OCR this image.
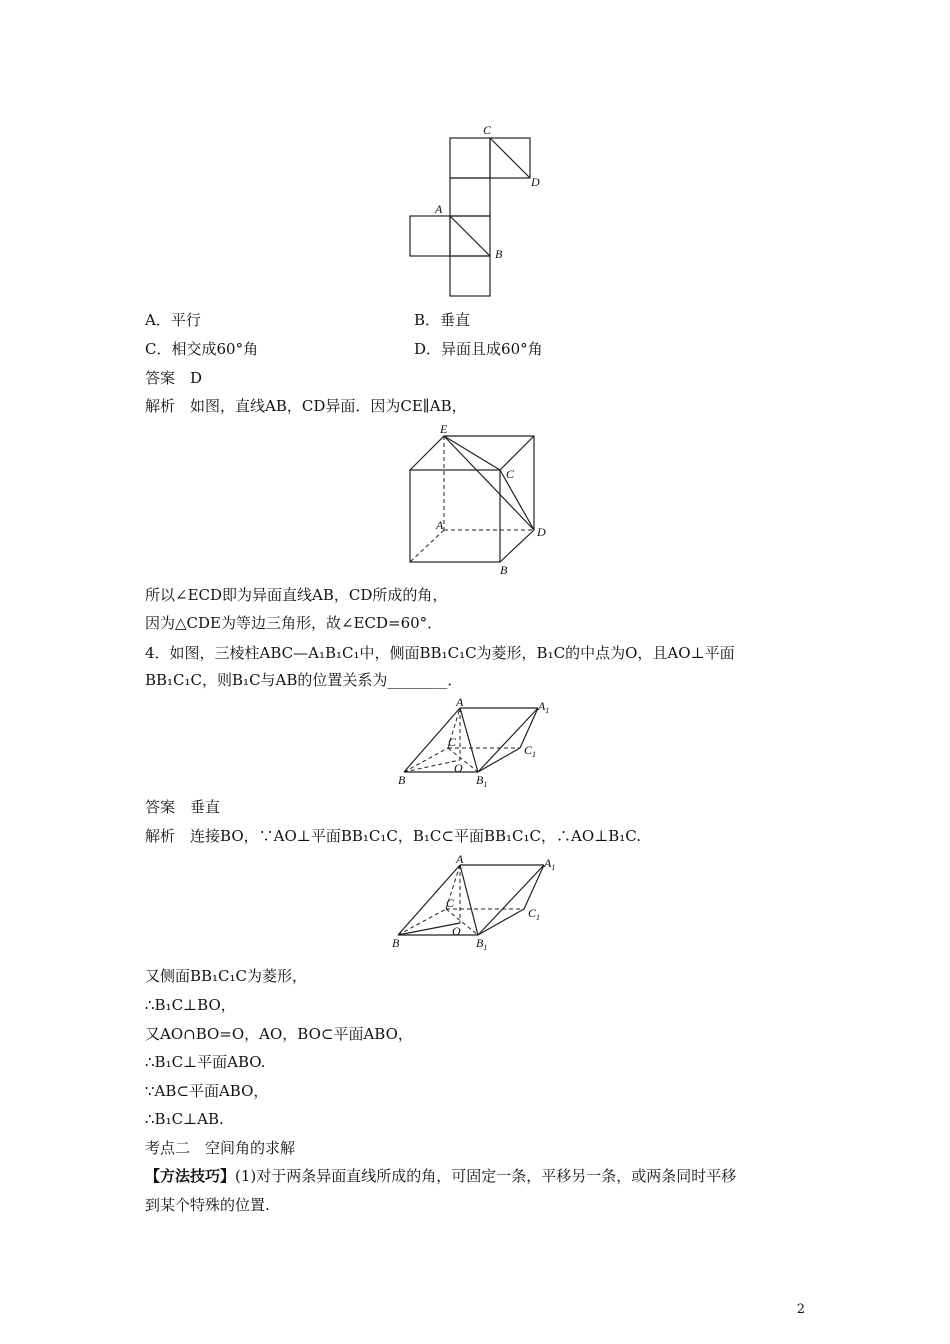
C
D
A
B
A．平行	B．垂直
C．相交成60°角	D．异面且成60°角
答案  D
解析  如图，直线AB，CD异面．因为CE∥AB，
E
C
A	D
B
所以∠ECD即为异面直线AB，CD所成的角，
因为△CDE为等边三角形，故∠ECD=60°．
4．如图，三棱柱ABC—A₁B₁C₁中，侧面BB₁C₁C为菱形，B₁C的中点为O，且AO⊥平面
BB₁C₁C，则B₁C与AB的位置关系为________．
A	$A_1$
C
$C_1$
O
B	$B_1$
答案  垂直
解析  连接BO，∵AO⊥平面BB₁C₁C，B₁C⊂平面BB₁C₁C，∴AO⊥B₁C.
A	$A_1$
C
$C_1$
O
B	$B_1$
又侧面BB₁C₁C为菱形，
∴B₁C⊥BO，
又AO∩BO=O，AO，BO⊂平面ABO，
∴B₁C⊥平面ABO.
∵AB⊂平面ABO，
∴B₁C⊥AB.
考点二　空间角的求解
【方法技巧】(1)对于两条异面直线所成的角，可固定一条，平移另一条，或两条同时平移
到某个特殊的位置.
2
